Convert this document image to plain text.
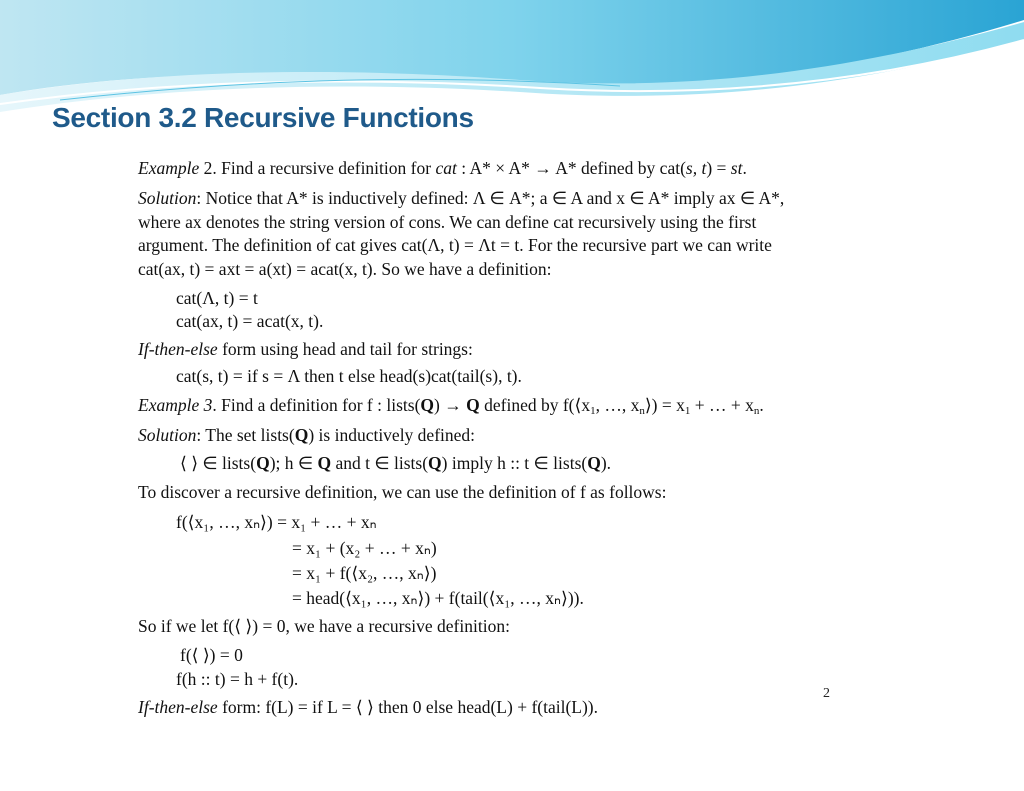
Section 3.2 Recursive Functions
Example 2. Find a recursive definition for cat : A* × A* → A* defined by cat(s, t) = st.
Solution: Notice that A* is inductively defined: Λ ∈ A*; a ∈ A and x ∈ A* imply ax ∈ A*,
where ax denotes the string version of cons. We can define cat recursively using the first
argument. The definition of cat gives cat(Λ, t) = Λt = t. For the recursive part we can write
cat(ax, t) = axt = a(xt) = acat(x, t). So we have a definition:
cat(Λ, t) = t
cat(ax, t) = acat(x, t).
If-then-else form using head and tail for strings:
cat(s, t) = if s = Λ then t else head(s)cat(tail(s), t).
Example 3. Find a definition for f : lists(Q) → Q defined by $f(⟨x_1$, …, $x_n⟩) = x_1$ + … + $x_n$.
Solution: The set lists(Q) is inductively defined:
⟨ ⟩ ∈ lists(Q); h ∈ Q and t ∈ lists(Q) imply h :: t ∈ lists(Q).
To discover a recursive definition, we can use the definition of f as follows:
f(⟨x₁, …, xₙ⟩) = x₁ + … + xₙ
= x₁ + (x₂ + … + xₙ)
= x₁ + f(⟨x₂, …, xₙ⟩)
= head(⟨x₁, …, xₙ⟩) + f(tail(⟨x₁, …, xₙ⟩)).
So if we let f(⟨ ⟩) = 0, we have a recursive definition:
f(⟨ ⟩) = 0
f(h :: t) = h + f(t).
If-then-else form: f(L) = if L = ⟨ ⟩ then 0 else head(L) + f(tail(L)).
2
